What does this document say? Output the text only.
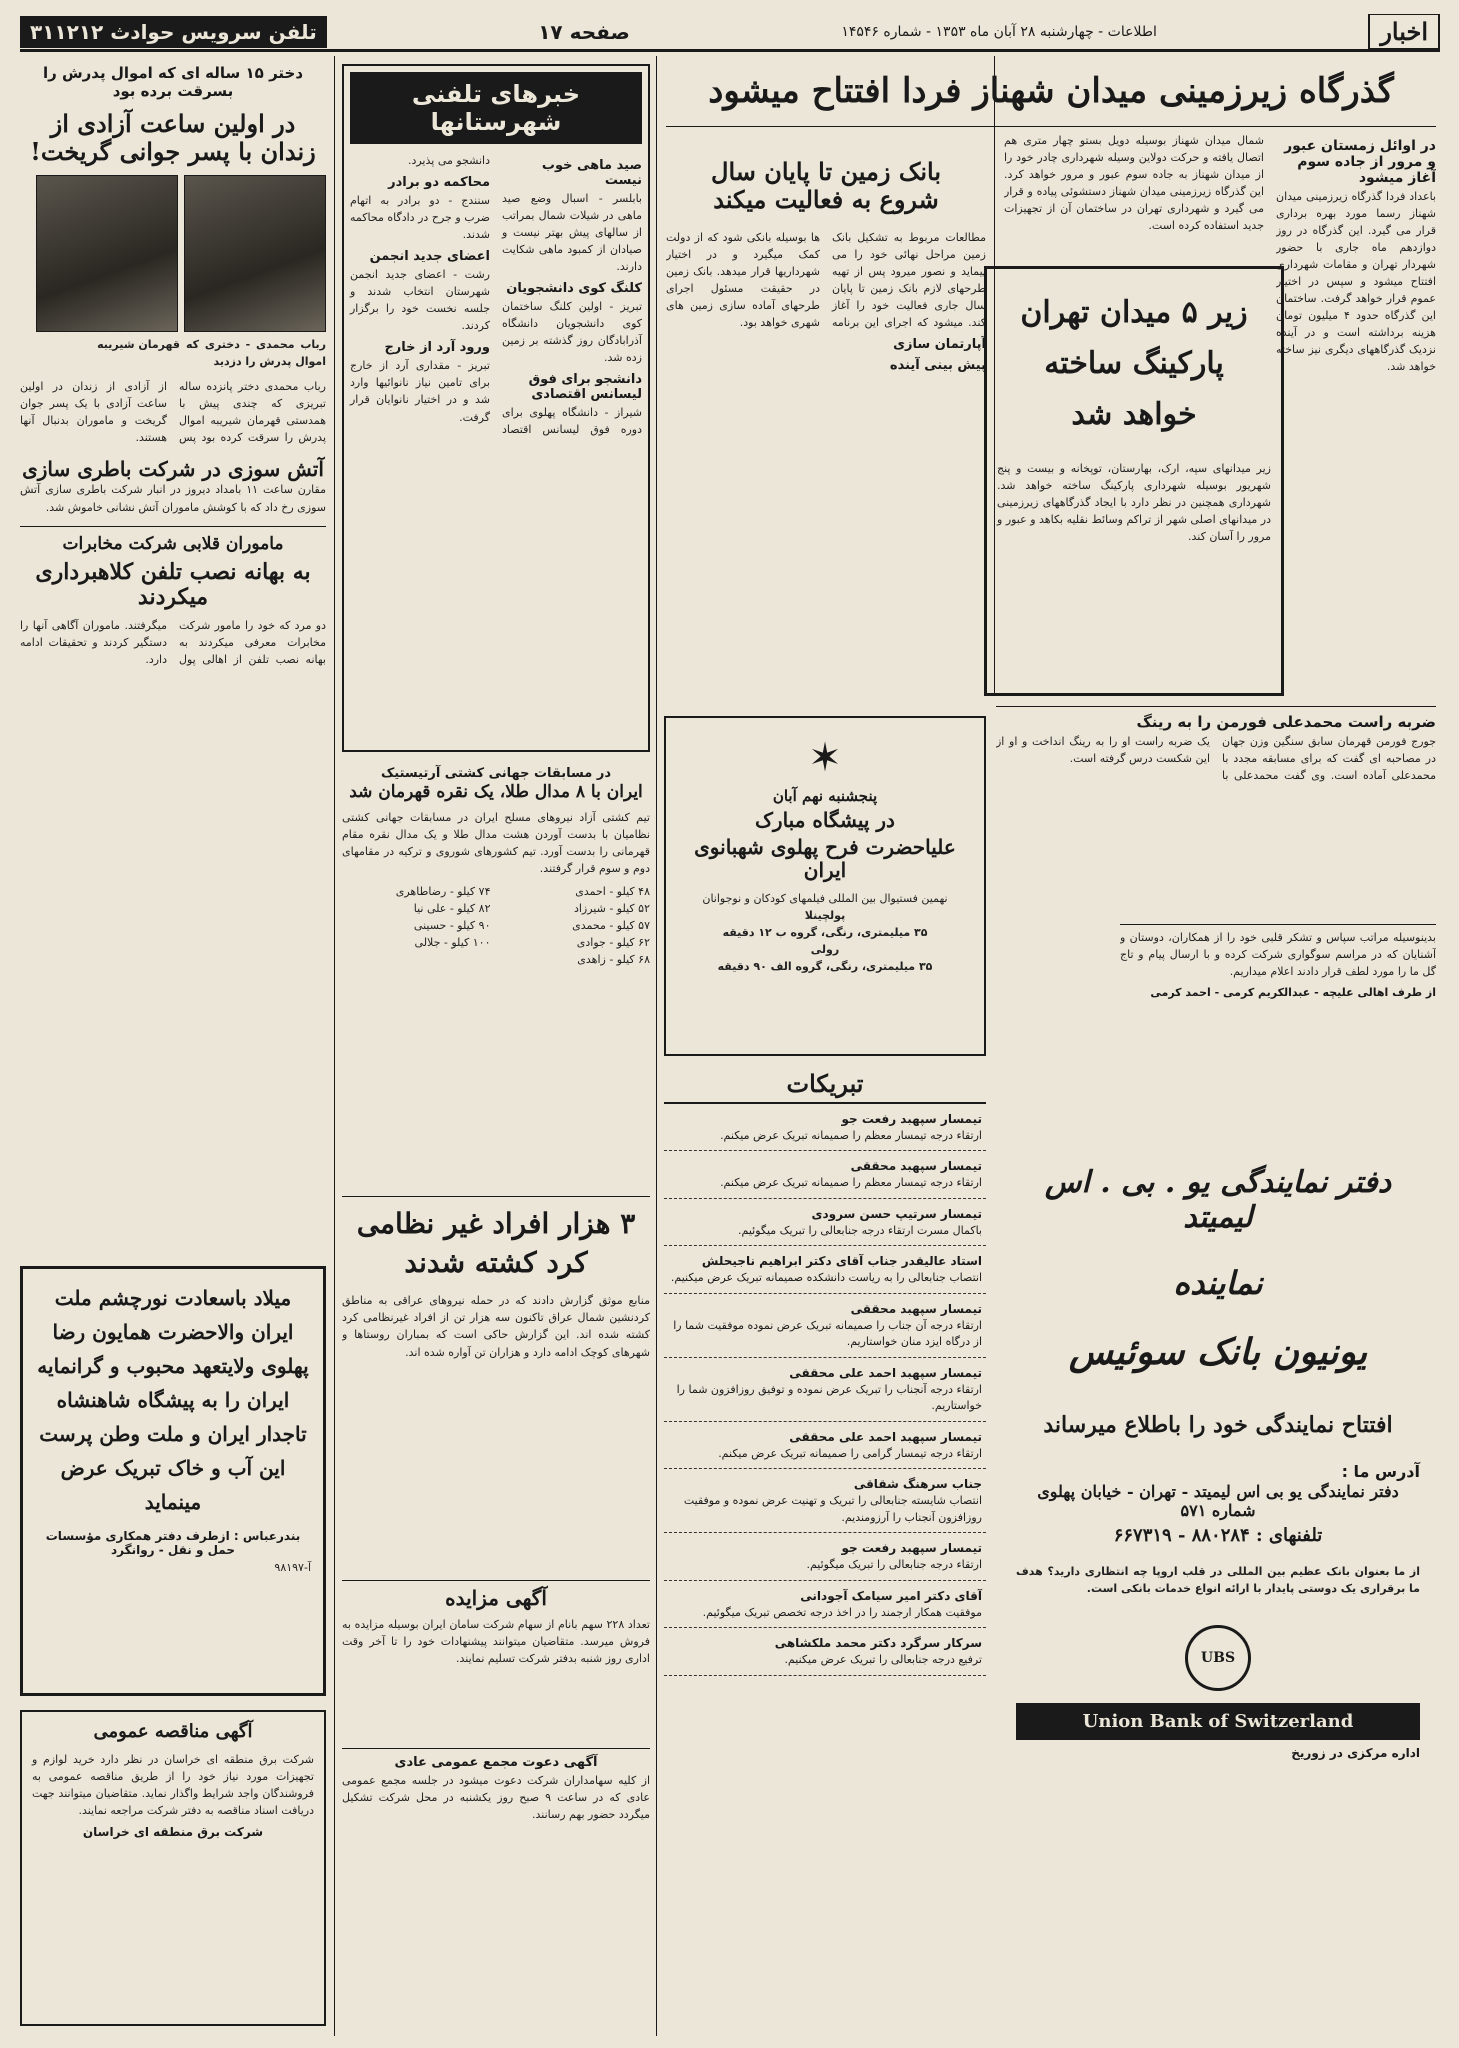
تلفن سرویس حوادث ۳۱۱۲۱۲	صفحه ۱۷	اطلاعات - چهارشنبه ۲۸ آبان ماه ۱۳۵۳ - شماره ۱۴۵۴۶	اخبار
گذرگاه زیرزمینی میدان شهناز فردا افتتاح میشود
در اوائل زمستان عبور و مرور از جاده سوم آغاز میشود
باعداد فردا گذرگاه زیرزمینی میدان شهناز رسما مورد بهره برداری قرار می گیرد. این گذرگاه در روز دوازدهم ماه جاری با حضور شهردار تهران و مقامات شهرداری افتتاح میشود و سپس در اختیار عموم قرار خواهد گرفت. ساختمان این گذرگاه حدود ۴ میلیون تومان هزینه برداشته است و در آینده نزدیک گذرگاههای دیگری نیز ساخته خواهد شد.
شمال میدان شهناز بوسیله دویل بستو چهار متری هم اتصال یافته و حرکت دولاین وسیله شهرداری چادر خود را از میدان شهناز به جاده سوم عبور و مرور خواهد کرد. این گذرگاه زیرزمینی میدان شهناز دستشوئی پیاده و قرار می گیرد و شهرداری تهران در ساختمان آن از تجهیزات جدید استفاده کرده است.
بانک زمین تا پایان سال شروع به فعالیت میکند
مطالعات مربوط به تشکیل بانک زمین مراحل نهائی خود را می پیماید و نصور میرود پس از تهیه طرحهای لازم بانک زمین تا پایان سال جاری فعالیت خود را آغاز کند. میشود که اجرای این برنامه ها بوسیله بانکی شود که از دولت کمک میگیرد و در اختیار شهرداریها قرار میدهد. بانک زمین در حقیقت مسئول اجرای طرحهای آماده سازی زمین های شهری خواهد بود.
آپارتمان سازی
پیش بینی آینده
زیر ۵ میدان تهران پارکینگ ساخته خواهد شد
زیر میدانهای سپه، ارک، بهارستان، توپخانه و بیست و پنج شهریور بوسیله شهرداری پارکینگ ساخته خواهد شد. شهرداری همچنین در نظر دارد با ایجاد گذرگاههای زیرزمینی در میدانهای اصلی شهر از تراکم وسائط نقلیه بکاهد و عبور و مرور را آسان کند.
خبرهای تلفنی شهرستانها
صید ماهی خوب نیست
بابلسر - اسبال وضع صید ماهی در شیلات شمال بمراتب از سالهای پیش بهتر نیست و صیادان از کمبود ماهی شکایت دارند.
کلنگ کوی دانشجویان
تبریز - اولین کلنگ ساختمان کوی دانشجویان دانشگاه آذرابادگان روز گذشته بر زمین زده شد.
دانشجو برای فوق لیسانس اقتصادی
شیراز - دانشگاه پهلوی برای دوره فوق لیسانس اقتصاد دانشجو می پذیرد.
محاکمه دو برادر
سنندج - دو برادر به اتهام ضرب و جرح در دادگاه محاکمه شدند.
اعضای جدید انجمن
رشت - اعضای جدید انجمن شهرستان انتخاب شدند و جلسه نخست خود را برگزار کردند.
ورود آرد از خارج
تبریز - مقداری آرد از خارج برای تامین نیاز نانوائیها وارد شد و در اختیار نانوایان قرار گرفت.
در مسابقات جهانی کشتی آرتیستیک
ایران با ۸ مدال طلا، یک نقره قهرمان شد
تیم کشتی آزاد نیروهای مسلح ایران در مسابقات جهانی کشتی نظامیان با بدست آوردن هشت مدال طلا و یک مدال نقره مقام قهرمانی را بدست آورد. تیم کشورهای شوروی و ترکیه در مقامهای دوم و سوم قرار گرفتند.
۴۸ کیلو - احمدی
۵۲ کیلو - شیرزاد
۵۷ کیلو - محمدی
۶۲ کیلو - جوادی
۶۸ کیلو - زاهدی
۷۴ کیلو - رضاطاهری
۸۲ کیلو - علی نیا
۹۰ کیلو - حسینی
۱۰۰ کیلو - جلالی
۳ هزار افراد غیر نظامی کرد کشته شدند
منابع موثق گزارش دادند که در حمله نیروهای عراقی به مناطق کردنشین شمال عراق تاکنون سه هزار تن از افراد غیرنظامی کرد کشته شده اند. این گزارش حاکی است که بمباران روستاها و شهرهای کوچک ادامه دارد و هزاران تن آواره شده اند.
آگهی مزایده
تعداد ۲۲۸ سهم بانام از سهام شرکت سامان ایران بوسیله مزایده به فروش میرسد. متقاضیان میتوانند پیشنهادات خود را تا آخر وقت اداری روز شنبه بدفتر شرکت تسلیم نمایند.
آگهی دعوت مجمع عمومی عادی
از کلیه سهامداران شرکت دعوت میشود در جلسه مجمع عمومی عادی که در ساعت ۹ صبح روز یکشنبه در محل شرکت تشکیل میگردد حضور بهم رسانند.
✶
پنجشنبه نهم آبان
در پیشگاه مبارک
علیاحضرت فرح پهلوی شهبانوی ایران
نهمین فستیوال بین المللی فیلمهای کودکان و نوجوانان
پولچینلا
۳۵ میلیمتری، رنگی، گروه ب ۱۲ دقیقه
رولی
۳۵ میلیمتری، رنگی، گروه الف ۹۰ دقیقه
ضربه راست محمدعلی فورمن را به رینگ
جورج فورمن قهرمان سابق سنگین وزن جهان در مصاحبه ای گفت که برای مسابقه مجدد با محمدعلی آماده است. وی گفت محمدعلی با یک ضربه راست او را به رینگ انداخت و او از این شکست درس گرفته است.
بدینوسیله مراتب سپاس و تشکر قلبی خود را از همکاران، دوستان و آشنایان که در مراسم سوگواری شرکت کرده و با ارسال پیام و تاج گل ما را مورد لطف قرار دادند اعلام میداریم.
از طرف اهالی علیچه - عبدالکریم کرمی - احمد کرمی
تبریکات
تیمسار سپهبد رفعت جو
ارتقاء درجه تیمسار معظم را صمیمانه تبریک عرض میکنم.
تیمسار سپهبد محققی
ارتقاء درجه تیمسار معظم را صمیمانه تبریک عرض میکنم.
تیمسار سرتیپ حسن سرودی
باکمال مسرت ارتقاء درجه جنابعالی را تبریک میگوئیم.
استاد عالیقدر جناب آقای دکتر ابراهیم ناجیحلش
انتصاب جنابعالی را به ریاست دانشکده صمیمانه تبریک عرض میکنیم.
تیمسار سپهبد محققی
ارتقاء درجه آن جناب را صمیمانه تبریک عرض نموده موفقیت شما را از درگاه ایزد منان خواستاریم.
تیمسار سپهبد احمد علی محققی
ارتقاء درجه آنجناب را تبریک عرض نموده و توفیق روزافزون شما را خواستاریم.
تیمسار سپهبد احمد علی محققی
ارتقاء درجه تیمسار گرامی را صمیمانه تبریک عرض میکنم.
جناب سرهنگ شقاقی
انتصاب شایسته جنابعالی را تبریک و تهنیت عرض نموده و موفقیت روزافزون آنجناب را آرزومندیم.
تیمسار سپهبد رفعت جو
ارتقاء درجه جنابعالی را تبریک میگوئیم.
آقای دکتر امیر سیامک آجودانی
موفقیت همکار ارجمند را در اخذ درجه تخصص تبریک میگوئیم.
سرکار سرگرد دکتر محمد ملکشاهی
ترفیع درجه جنابعالی را تبریک عرض میکنیم.
دفتر نمایندگی یو . بی . اس لیمیتد
نماینده
یونیون بانک سوئیس
افتتاح نمایندگی خود را باطلاع میرساند
آدرس ما :
دفتر نمایندگی یو بی اس لیمیتد - تهران - خیابان پهلوی شماره ۵۷۱
تلفنهای : ۸۸۰۲۸۴ - ۶۶۷۳۱۹
از ما بعنوان بانک عظیم بین المللی در قلب اروپا چه انتظاری دارید؟ هدف ما برقراری یک دوستی پایدار با ارائه انواع خدمات بانکی است.
UBS
Union Bank of Switzerland
اداره مرکزی در زوریخ
دختر ۱۵ ساله ای که اموال پدرش را بسرقت برده بود
در اولین ساعت آزادی از زندان با پسر جوانی گریخت!
رباب محمدی - دختری که اموال پدرش را دزدید
قهرمان شیریبه
رباب محمدی دختر پانزده ساله تبریزی که چندی پیش با همدستی قهرمان شیریبه اموال پدرش را سرقت کرده بود پس از آزادی از زندان در اولین ساعت آزادی با یک پسر جوان گریخت و ماموران بدنبال آنها هستند.
آتش سوزی در شرکت باطری سازی
مقارن ساعت ۱۱ بامداد دیروز در انبار شرکت باطری سازی آتش سوزی رخ داد که با کوشش ماموران آتش نشانی خاموش شد.
ماموران قلابی شرکت مخابرات
به بهانه نصب تلفن کلاهبرداری میکردند
دو مرد که خود را مامور شرکت مخابرات معرفی میکردند به بهانه نصب تلفن از اهالی پول میگرفتند. ماموران آگاهی آنها را دستگیر کردند و تحقیقات ادامه دارد.
میلاد باسعادت نورچشم ملت ایران والاحضرت همایون رضا پهلوی ولایتعهد محبوب و گرانمایه ایران را به پیشگاه شاهنشاه تاجدار ایران و ملت وطن پرست این آب و خاک تبریک عرض مینماید
بندرعباس : ازطرف دفتر همکاری مؤسسات حمل و نقل - روانگرد
آ-۹۸۱۹۷
آگهی مناقصه عمومی
شرکت برق منطقه ای خراسان در نظر دارد خرید لوازم و تجهیزات مورد نیاز خود را از طریق مناقصه عمومی به فروشندگان واجد شرایط واگذار نماید. متقاضیان میتوانند جهت دریافت اسناد مناقصه به دفتر شرکت مراجعه نمایند.
شرکت برق منطقه ای خراسان
